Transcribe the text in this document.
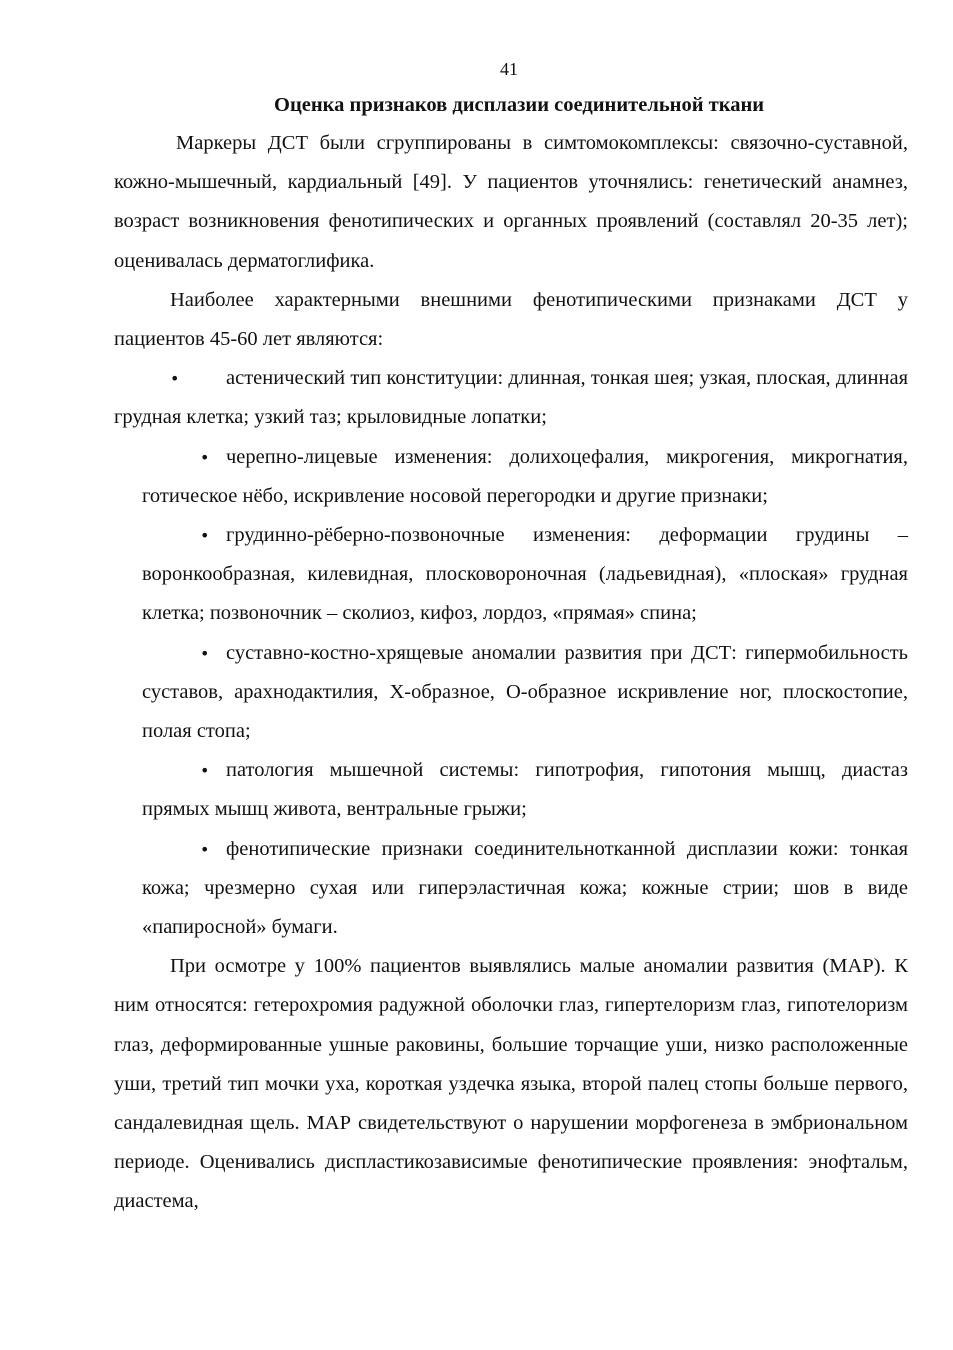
41
Оценка признаков дисплазии соединительной ткани

Маркеры ДСТ были сгруппированы в симтомокомплексы: связочно-суставной, кожно-мышечный, кардиальный [49]. У пациентов уточнялись: генетический анамнез, возраст возникновения фенотипических и органных проявлений (составлял 20-35 лет); оценивалась дерматоглифика.

Наиболее характерными внешними фенотипическими признаками ДСТ у пациентов 45-60 лет являются:

• астенический тип конституции: длинная, тонкая шея; узкая, плоская, длинная грудная клетка; узкий таз; крыловидные лопатки;

• черепно-лицевые изменения: долихоцефалия, микрогения, микрогнатия, готическое нёбо, искривление носовой перегородки и другие признаки;

• грудинно-рёберно-позвоночные изменения: деформации грудины – воронкообразная, килевидная, плосковороночная (ладьевидная), «плоская» грудная клетка; позвоночник – сколиоз, кифоз, лордоз, «прямая» спина;

• суставно-костно-хрящевые аномалии развития при ДСТ: гипермобильность суставов, арахнодактилия, Х-образное, О-образное искривление ног, плоскостопие, полая стопа;

• патология мышечной системы: гипотрофия, гипотония мышц, диастаз прямых мышц живота, вентральные грыжи;

• фенотипические признаки соединительнотканной дисплазии кожи: тонкая кожа; чрезмерно сухая или гиперэластичная кожа; кожные стрии; шов в виде «папиросной» бумаги.

При осмотре у 100% пациентов выявлялись малые аномалии развития (МАР). К ним относятся: гетерохромия радужной оболочки глаз, гипертелоризм глаз, гипотелоризм глаз, деформированные ушные раковины, большие торчащие уши, низко расположенные уши, третий тип мочки уха, короткая уздечка языка, второй палец стопы больше первого, сандалевидная щель. МАР свидетельствуют о нарушении морфогенеза в эмбриональном периоде. Оценивались диспластикозависимые фенотипические проявления: энофтальм, диастема,
